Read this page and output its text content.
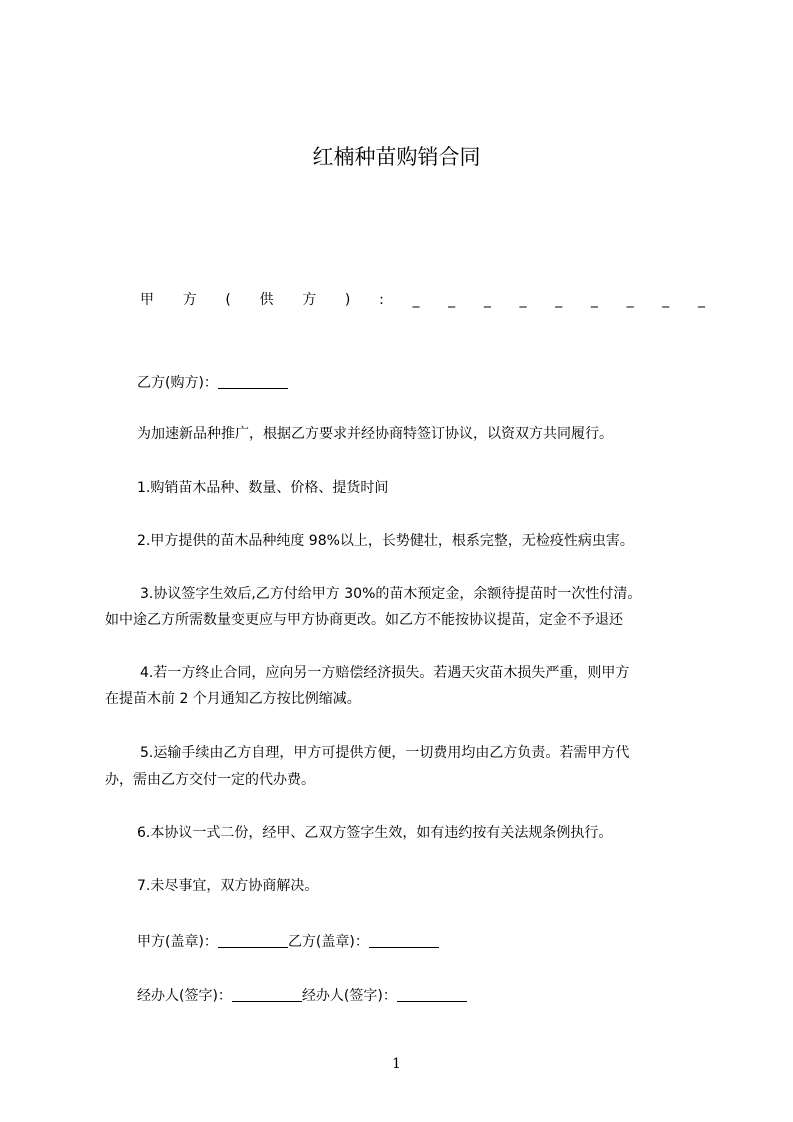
红楠种苗购销合同
甲 方 ( 供 方 ) : _ _ _ _ _ _ _ _ _
乙方(购方)：
为加速新品种推广，根据乙方要求并经协商特签订协议，以资双方共同履行。
1.购销苗木品种、数量、价格、提货时间
2.甲方提供的苗木品种纯度 98%以上，长势健壮，根系完整，无检疫性病虫害。
3.协议签字生效后,乙方付给甲方 30%的苗木预定金，余额待提苗时一次性付清。
如中途乙方所需数量变更应与甲方协商更改。如乙方不能按协议提苗，定金不予退还
4.若一方终止合同，应向另一方赔偿经济损失。若遇天灾苗木损失严重，则甲方
在提苗木前 2 个月通知乙方按比例缩减。
5.运输手续由乙方自理，甲方可提供方便，一切费用均由乙方负责。若需甲方代
办，需由乙方交付一定的代办费。
6.本协议一式二份，经甲、乙双方签字生效，如有违约按有关法规条例执行。
7.未尽事宜，双方协商解决。
甲方(盖章)：	乙方(盖章)：
经办人(签字)：	经办人(签字)：
1
